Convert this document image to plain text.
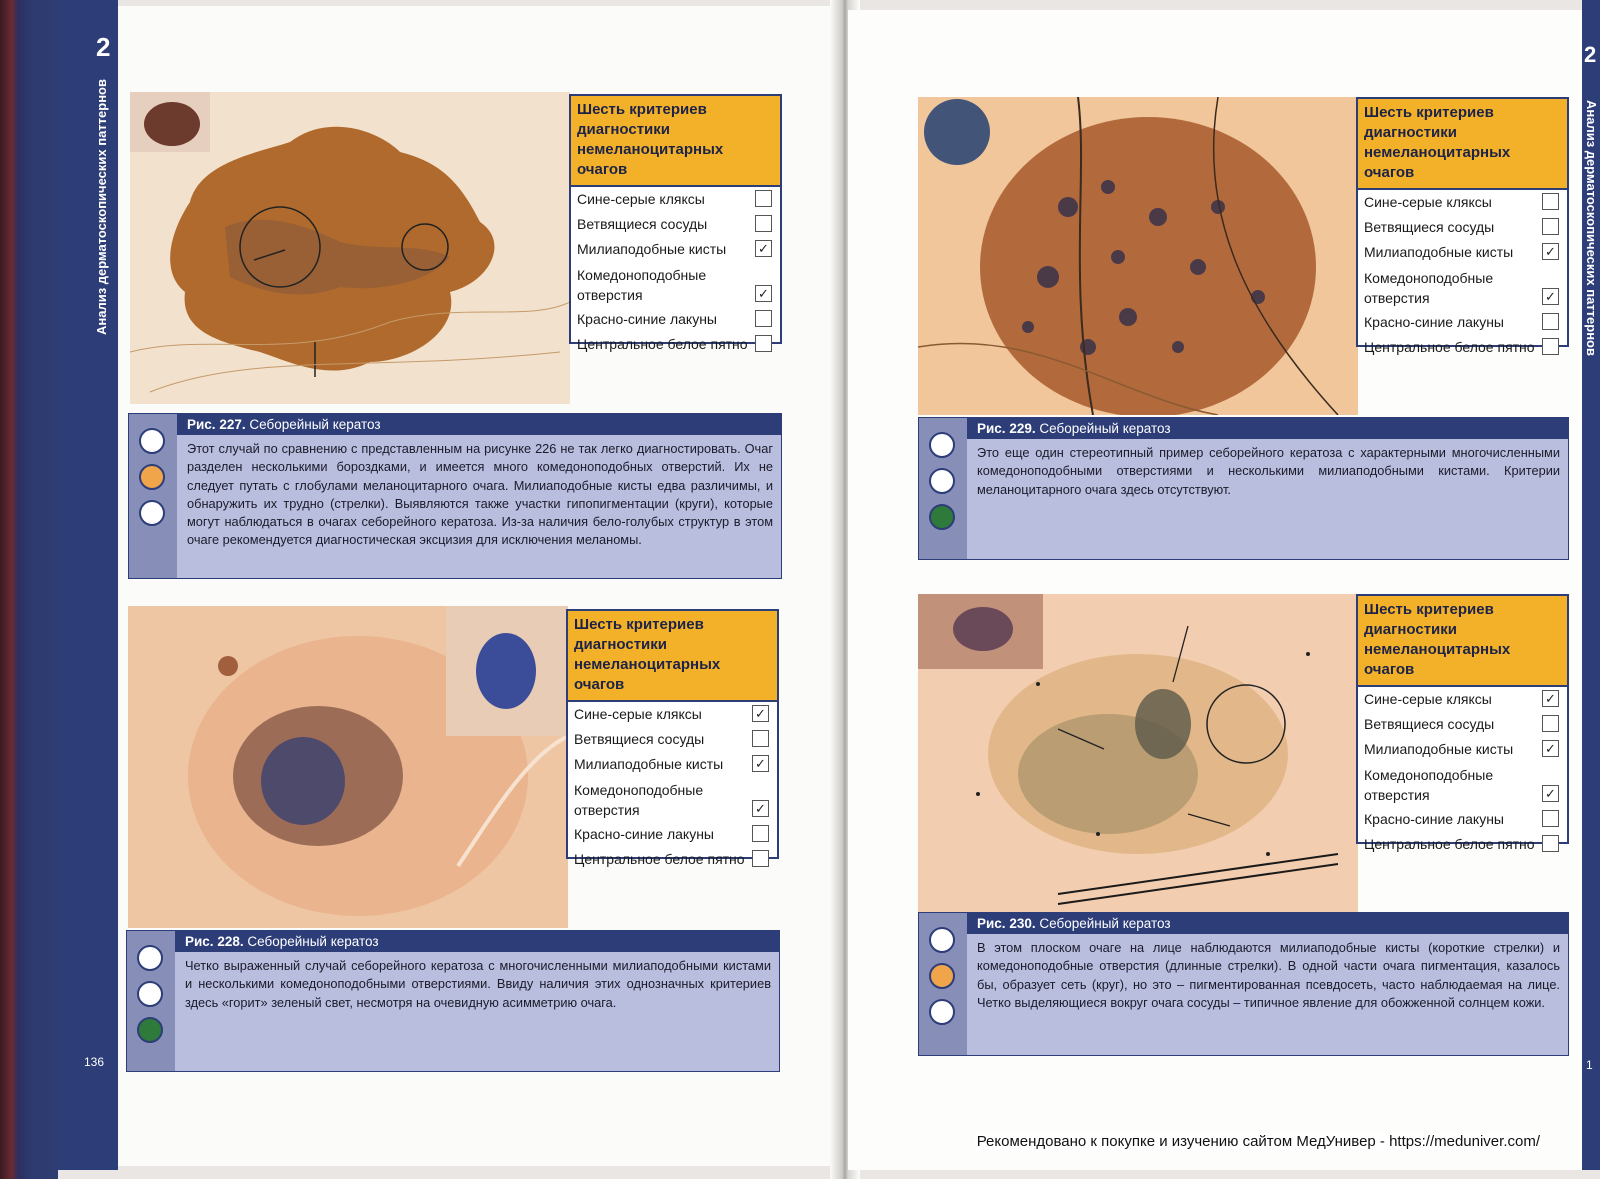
2
Анализ дерматоскопических паттернов
136
2
Анализ дерматоскопических паттернов
1
Шесть критериев диагностики немеланоцитарных очагов
Сине-серые кляксы
Ветвящиеся сосуды
Милиаподобные кисты ✓
Комедоноподобные отверстия	✓
Красно-синие лакуны
Центральное белое пятно
Рис. 227. Себорейный кератоз
Этот случай по сравнению с представленным на рисунке 226 не так легко диагностировать. Очаг разделен несколькими бороздками, и имеется много комедоноподобных отверстий. Их не следует путать с глобулами меланоцитарного очага. Милиаподобные кисты едва различимы, и обнаружить их трудно (стрелки). Выявляются также участки гипопигментации (круги), которые могут наблюдаться в очагах себорейного кератоза. Из-за наличия бело-голубых структур в этом очаге рекомендуется диагностическая эксцизия для исключения меланомы.
Шесть критериев диагностики немеланоцитарных очагов
Сине-серые кляксы	✓
Ветвящиеся сосуды
Милиаподобные кисты ✓
Комедоноподобные отверстия	✓
Красно-синие лакуны
Центральное белое пятно
Рис. 228. Себорейный кератоз
Четко выраженный случай себорейного кератоза с многочисленными милиаподобными кистами и несколькими комедоноподобными отверстиями. Ввиду наличия этих однозначных критериев здесь «горит» зеленый свет, несмотря на очевидную асимметрию очага.
Шесть критериев диагностики немеланоцитарных очагов
Сине-серые кляксы
Ветвящиеся сосуды
Милиаподобные кисты ✓
Комедоноподобные отверстия	✓
Красно-синие лакуны
Центральное белое пятно
Рис. 229. Себорейный кератоз
Это еще один стереотипный пример себорейного кератоза с характерными многочисленными комедоноподобными отверстиями и несколькими милиаподобными кистами. Критерии меланоцитарного очага здесь отсутствуют.
Шесть критериев диагностики немеланоцитарных очагов
Сине-серые кляксы	✓
Ветвящиеся сосуды
Милиаподобные кисты ✓
Комедоноподобные отверстия	✓
Красно-синие лакуны
Центральное белое пятно
Рис. 230. Себорейный кератоз
В этом плоском очаге на лице наблюдаются милиаподобные кисты (короткие стрелки) и комедоноподобные отверстия (длинные стрелки). В одной части очага пигментация, казалось бы, образует сеть (круг), но это – пигментированная псевдосеть, часто наблюдаемая на лице. Четко выделяющиеся вокруг очага сосуды – типичное явление для обожженной солнцем кожи.
Рекомендовано к покупке и изучению сайтом МедУнивер - https://meduniver.com/
